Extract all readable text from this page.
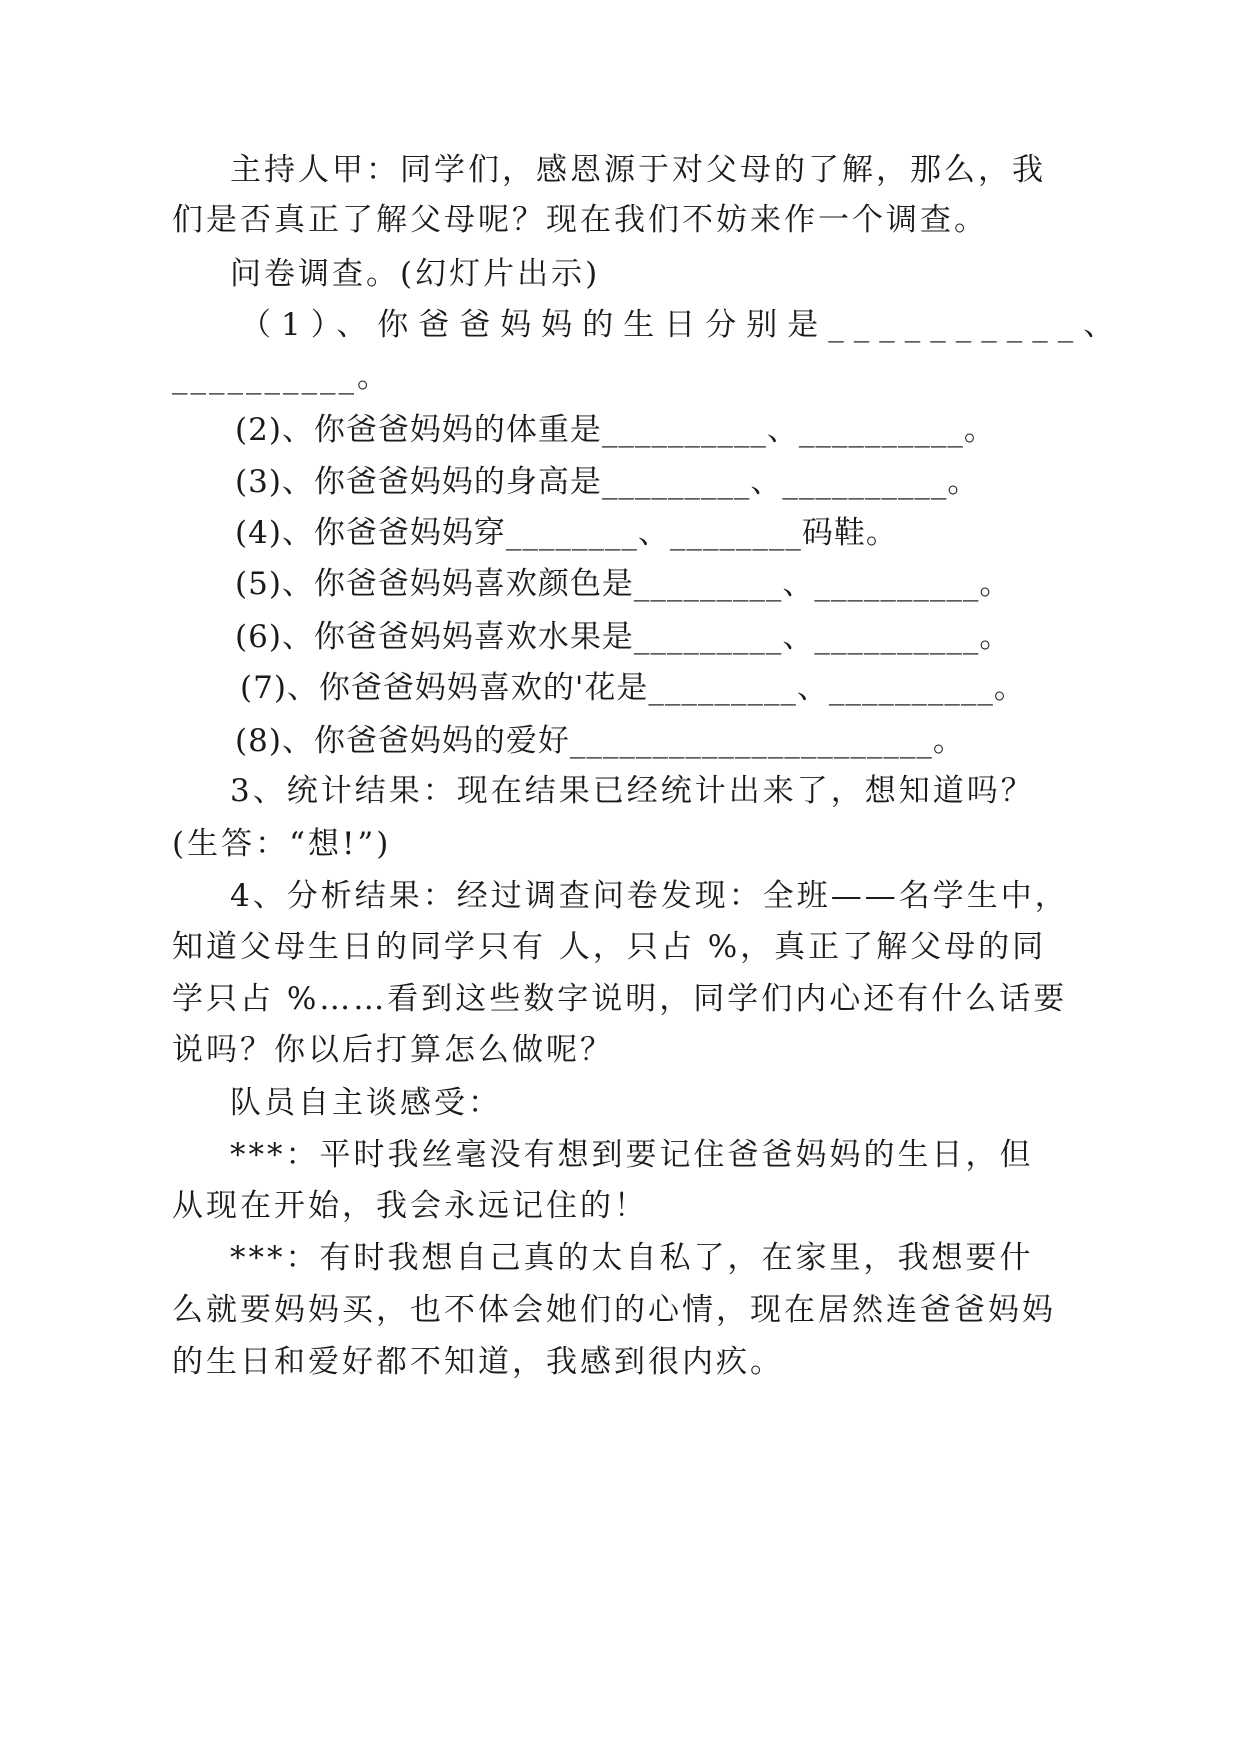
主持人甲：同学们，感恩源于对父母的了解，那么，我
们是否真正了解父母呢？现在我们不妨来作一个调查。
问卷调查。(幻灯片出示)
（1）、你爸爸妈妈的生日分别是__________、
__________。
(2)、你爸爸妈妈的体重是__________、__________。
(3)、你爸爸妈妈的身高是_________、__________。
(4)、你爸爸妈妈穿________、________码鞋。
(5)、你爸爸妈妈喜欢颜色是_________、__________。
(6)、你爸爸妈妈喜欢水果是_________、__________。
(7)、你爸爸妈妈喜欢的'花是_________、__________。
(8)、你爸爸妈妈的爱好______________________。
3、统计结果：现在结果已经统计出来了，想知道吗？
(生答：“想!”)
4、分析结果：经过调查问卷发现：全班——名学生中，
知道父母生日的同学只有 人，只占 %，真正了解父母的同
学只占 %……看到这些数字说明，同学们内心还有什么话要
说吗？你以后打算怎么做呢？
队员自主谈感受：
***：平时我丝毫没有想到要记住爸爸妈妈的生日，但
从现在开始，我会永远记住的！
***：有时我想自己真的太自私了，在家里，我想要什
么就要妈妈买，也不体会她们的心情，现在居然连爸爸妈妈
的生日和爱好都不知道，我感到很内疚。
